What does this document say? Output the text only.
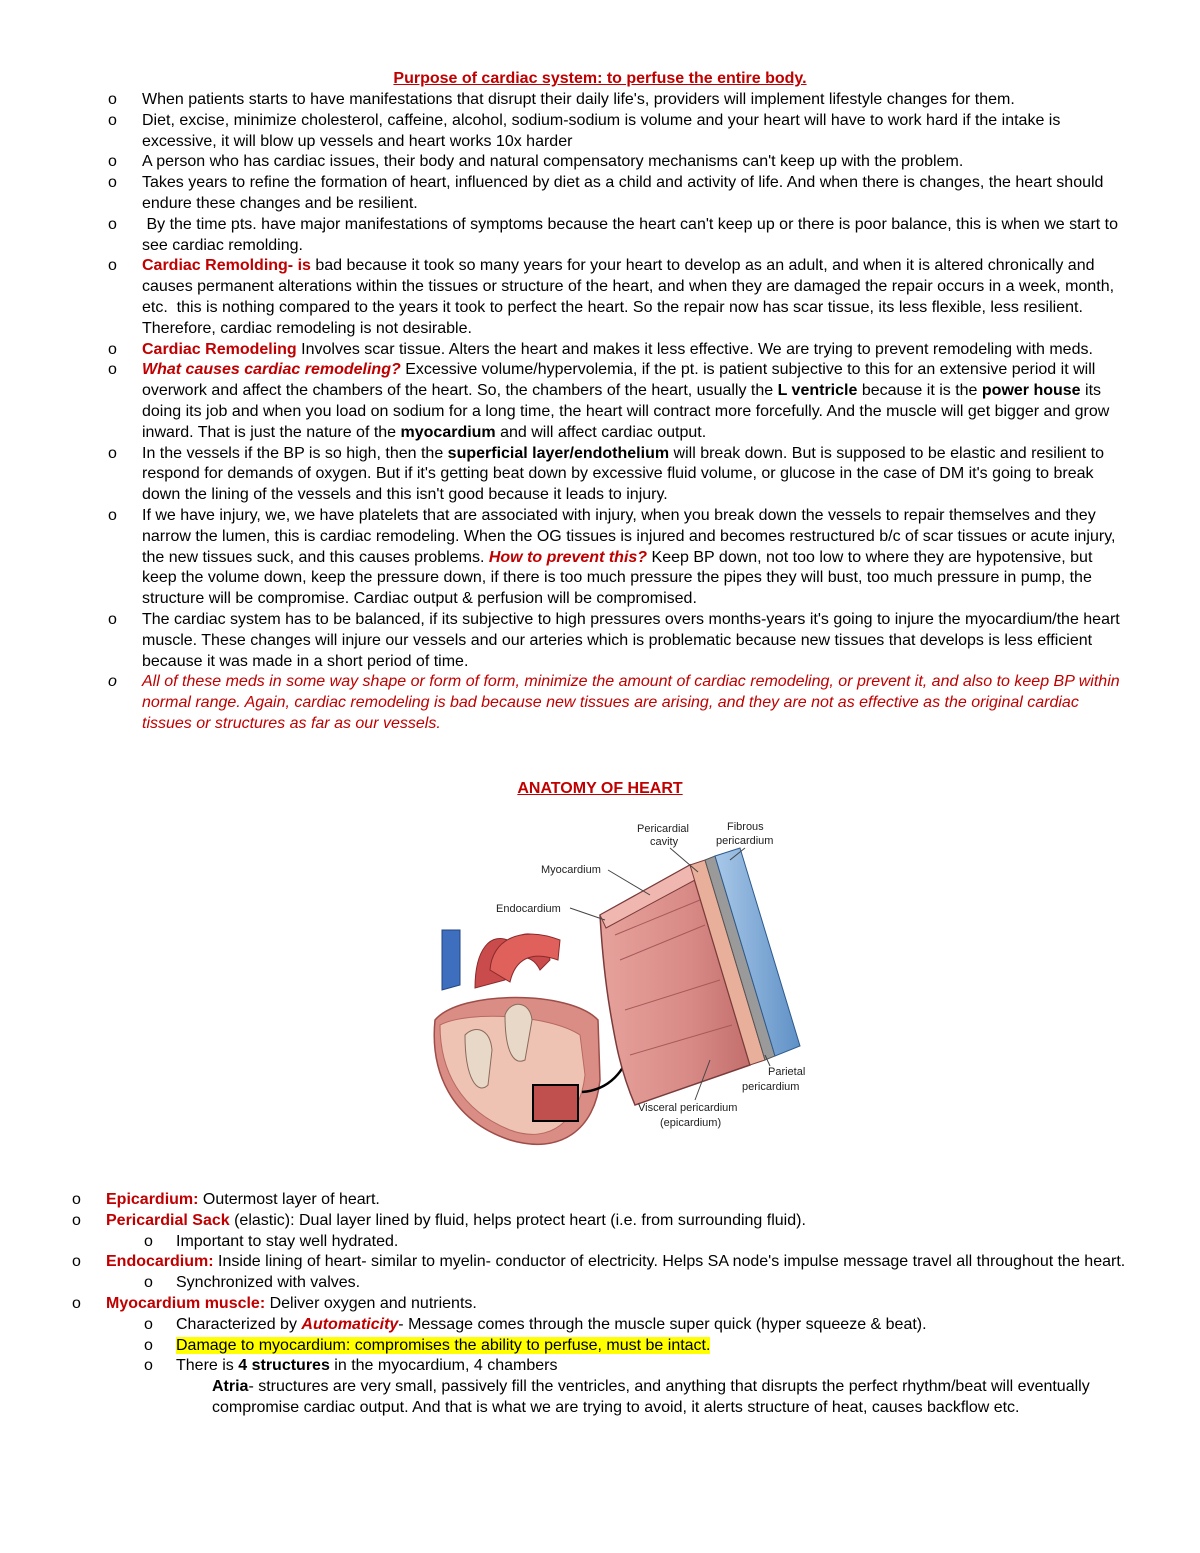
Purpose of cardiac system: to perfuse the entire body.
o When patients starts to have manifestations that disrupt their daily life's, providers will implement lifestyle changes for them.
o Diet, excise, minimize cholesterol, caffeine, alcohol, sodium-sodium is volume and your heart will have to work hard if the intake is excessive, it will blow up vessels and heart works 10x harder
o A person who has cardiac issues, their body and natural compensatory mechanisms can't keep up with the problem.
o Takes years to refine the formation of heart, influenced by diet as a child and activity of life. And when there is changes, the heart should endure these changes and be resilient.
o  By the time pts. have major manifestations of symptoms because the heart can't keep up or there is poor balance, this is when we start to see cardiac remolding.
o Cardiac Remolding- is bad because it took so many years for your heart to develop as an adult, and when it is altered chronically and causes permanent alterations within the tissues or structure of the heart, and when they are damaged the repair occurs in a week, month, etc.  this is nothing compared to the years it took to perfect the heart. So the repair now has scar tissue, its less flexible, less resilient. Therefore, cardiac remodeling is not desirable.
o Cardiac Remodeling Involves scar tissue. Alters the heart and makes it less effective. We are trying to prevent remodeling with meds.
o What causes cardiac remodeling? Excessive volume/hypervolemia, if the pt. is patient subjective to this for an extensive period it will overwork and affect the chambers of the heart. So, the chambers of the heart, usually the L ventricle because it is the power house its doing its job and when you load on sodium for a long time, the heart will contract more forcefully. And the muscle will get bigger and grow inward. That is just the nature of the myocardium and will affect cardiac output.
o In the vessels if the BP is so high, then the superficial layer/endothelium will break down. But is supposed to be elastic and resilient to respond for demands of oxygen. But if it's getting beat down by excessive fluid volume, or glucose in the case of DM it's going to break down the lining of the vessels and this isn't good because it leads to injury.
o If we have injury, we, we have platelets that are associated with injury, when you break down the vessels to repair themselves and they narrow the lumen, this is cardiac remodeling. When the OG tissues is injured and becomes restructured b/c of scar tissues or acute injury, the new tissues suck, and this causes problems. How to prevent this? Keep BP down, not too low to where they are hypotensive, but keep the volume down, keep the pressure down, if there is too much pressure the pipes they will bust, too much pressure in pump, the structure will be compromise. Cardiac output & perfusion will be compromised.
o The cardiac system has to be balanced, if its subjective to high pressures overs months-years it's going to injure the myocardium/the heart muscle. These changes will injure our vessels and our arteries which is problematic because new tissues that develops is less efficient because it was made in a short period of time.
o All of these meds in some way shape or form of form, minimize the amount of cardiac remodeling, or prevent it, and also to keep BP within normal range. Again, cardiac remodeling is bad because new tissues are arising, and they are not as effective as the original cardiac tissues or structures as far as our vessels.
ANATOMY OF HEART
Pericardial
cavity
Fibrous
pericardium
Myocardium
Endocardium
Parietal
pericardium
Visceral pericardium
(epicardium)
o Epicardium: Outermost layer of heart.
o Pericardial Sack (elastic): Dual layer lined by fluid, helps protect heart (i.e. from surrounding fluid).
o Important to stay well hydrated.
o Endocardium: Inside lining of heart- similar to myelin- conductor of electricity. Helps SA node's impulse message travel all throughout the heart.
o Synchronized with valves.
o Myocardium muscle: Deliver oxygen and nutrients.
o Characterized by Automaticity- Message comes through the muscle super quick (hyper squeeze & beat).
o Damage to myocardium: compromises the ability to perfuse, must be intact.
o There is 4 structures in the myocardium, 4 chambers
Atria- structures are very small, passively fill the ventricles, and anything that disrupts the perfect rhythm/beat will eventually compromise cardiac output. And that is what we are trying to avoid, it alerts structure of heat, causes backflow etc.
